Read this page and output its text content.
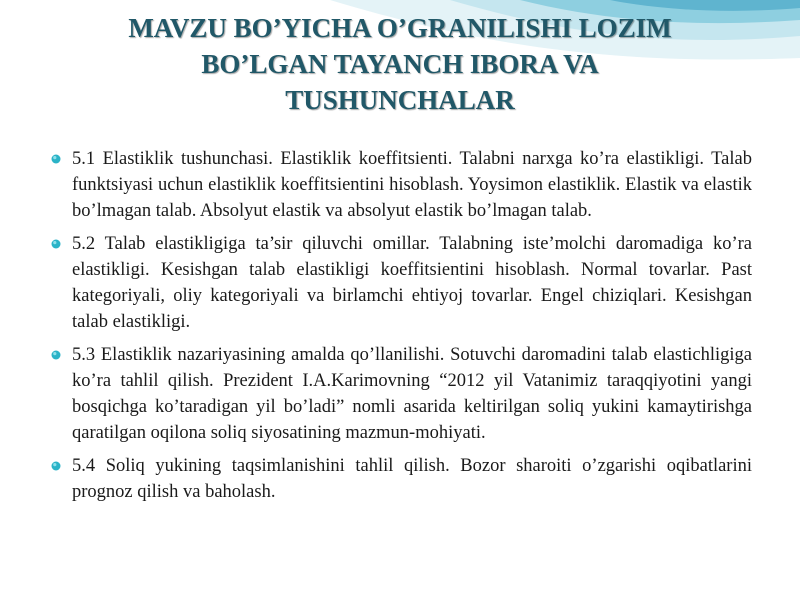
MAVZU BO’YICHA O’GRANILISHI LOZIM
BO’LGAN TAYANCH IBORA VA
TUSHUNCHALAR
5.1 Elastiklik tushunchasi. Elastiklik koeffitsienti. Talabni narxga ko’ra elastikligi. Talab funktsiyasi uchun elastiklik koeffitsientini hisoblash. Yoysimon elastiklik. Elastik va elastik bo’lmagan talab. Absolyut elastik va absolyut elastik bo’lmagan talab.
5.2 Talab elastikligiga ta’sir qiluvchi omillar. Talabning iste’molchi daromadiga ko’ra elastikligi. Kesishgan talab elastikligi koeffitsientini hisoblash. Normal tovarlar. Past kategoriyali, oliy kategoriyali va birlamchi ehtiyoj tovarlar. Engel chiziqlari. Kesishgan talab elastikligi.
5.3 Elastiklik nazariyasining amalda qo’llanilishi. Sotuvchi daromadini talab elastichligiga ko’ra tahlil qilish. Prezident I.A.Karimovning “2012 yil Vatanimiz taraqqiyotini yangi bosqichga ko’taradigan yil bo’ladi” nomli asarida keltirilgan soliq yukini kamaytirishga qaratilgan oqilona soliq siyosatining mazmun-mohiyati.
5.4 Soliq yukining taqsimlanishini tahlil qilish. Bozor sharoiti o’zgarishi oqibatlarini prognoz qilish va baholash.
